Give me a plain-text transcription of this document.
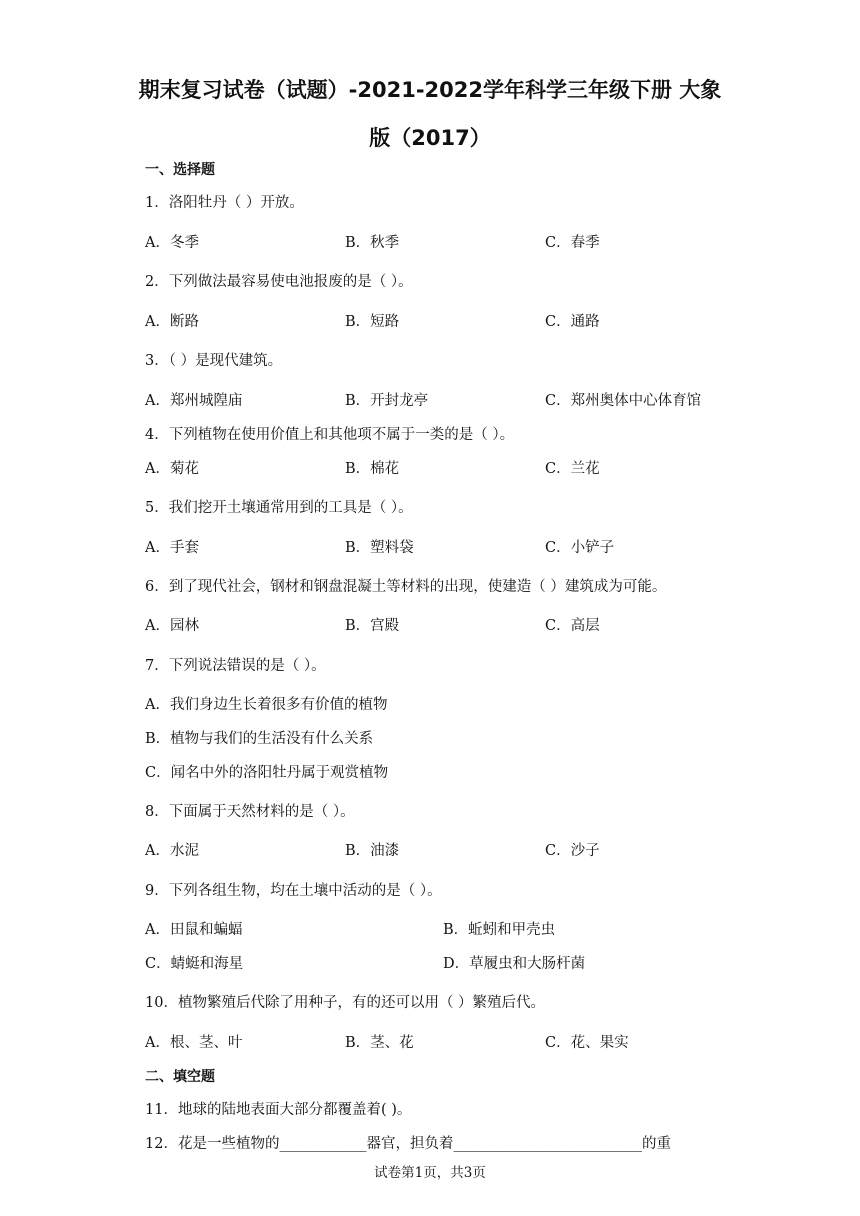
期末复习试卷（试题）-2021-2022学年科学三年级下册 大象
版（2017）
一、选择题
1．洛阳牡丹（ ）开放。
A．冬季	B．秋季	C．春季
2．下列做法最容易使电池报废的是（ ）。
A．断路	B．短路	C．通路
3．（ ）是现代建筑。
A．郑州城隍庙	B．开封龙亭	C．郑州奥体中心体育馆
4．下列植物在使用价值上和其他项不属于一类的是（ ）。
A．菊花	B．棉花	C．兰花
5．我们挖开土壤通常用到的工具是（ ）。
A．手套	B．塑料袋	C．小铲子
6．到了现代社会，钢材和钢盘混凝土等材料的出现，使建造（ ）建筑成为可能。
A．园林	B．宫殿	C．高层
7．下列说法错误的是（ ）。
A．我们身边生长着很多有价值的植物
B．植物与我们的生活没有什么关系
C．闻名中外的洛阳牡丹属于观赏植物
8．下面属于天然材料的是（ ）。
A．水泥	B．油漆	C．沙子
9．下列各组生物，均在土壤中活动的是（ ）。
A．田鼠和蝙蝠	B．蚯蚓和甲壳虫
C．蜻蜓和海星	D．草履虫和大肠杆菌
10．植物繁殖后代除了用种子，有的还可以用（ ）繁殖后代。
A．根、茎、叶	B．茎、花	C．花、果实
二、填空题
11．地球的陆地表面大部分都覆盖着( )。
12．花是一些植物的____________器官，担负着__________________________的重
试卷第1页，共3页
